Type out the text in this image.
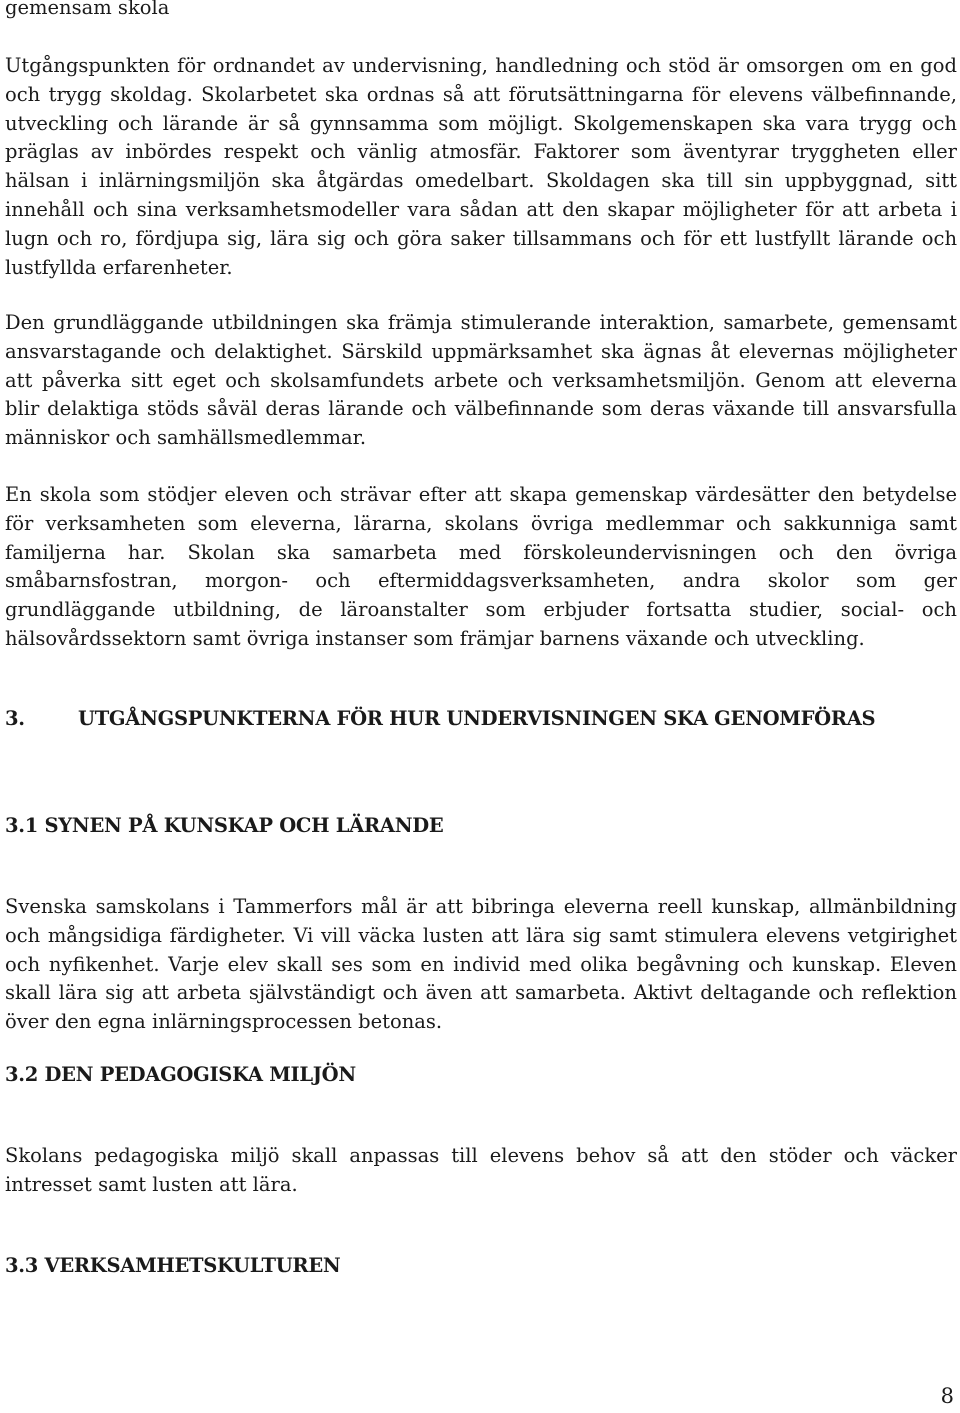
gemensam skola

Utgångspunkten för ordnandet av undervisning, handledning och stöd är omsorgen om en god och trygg skoldag. Skolarbetet ska ordnas så att förutsättningarna för elevens välbefinnande, utveckling och lärande är så gynnsamma som möjligt. Skolgemenskapen ska vara trygg och präglas av inbördes respekt och vänlig atmosfär. Faktorer som äventyrar tryggheten eller hälsan i inlärningsmiljön ska åtgärdas omedelbart. Skoldagen ska till sin uppbyggnad, sitt innehåll och sina verksamhetsmodeller vara sådan att den skapar möjligheter för att arbeta i lugn och ro, fördjupa sig, lära sig och göra saker tillsammans och för ett lustfyllt lärande och lustfyllda erfarenheter.

Den grundläggande utbildningen ska främja stimulerande interaktion, samarbete, gemensamt ansvarstagande och delaktighet. Särskild uppmärksamhet ska ägnas åt elevernas möjligheter att påverka sitt eget och skolsamfundets arbete och verksamhetsmiljön. Genom att eleverna blir delaktiga stöds såväl deras lärande och välbefinnande som deras växande till ansvarsfulla människor och samhällsmedlemmar.

En skola som stödjer eleven och strävar efter att skapa gemenskap värdesätter den betydelse för verksamheten som eleverna, lärarna, skolans övriga medlemmar och sakkunniga samt familjerna har. Skolan ska samarbeta med förskoleundervisningen och den övriga småbarnsfostran, morgon- och eftermiddagsverksamheten, andra skolor som ger grundläggande utbildning, de läroanstalter som erbjuder fortsatta studier, social- och hälsovårdssektorn samt övriga instanser som främjar barnens växande och utveckling.

3.	UTGÅNGSPUNKTERNA FÖR HUR UNDERVISNINGEN SKA GENOMFÖRAS
3.1 SYNEN PÅ KUNSKAP OCH LÄRANDE

Svenska samskolans i Tammerfors mål är att bibringa eleverna reell kunskap, allmänbildning och mångsidiga färdigheter. Vi vill väcka lusten att lära sig samt stimulera elevens vetgirighet och nyfikenhet. Varje elev skall ses som en individ med olika begåvning och kunskap. Eleven skall lära sig att arbeta självständigt och även att samarbeta. Aktivt deltagande och reflektion över den egna inlärningsprocessen betonas.

3.2 DEN PEDAGOGISKA MILJÖN

Skolans pedagogiska miljö skall anpassas till elevens behov så att den stöder och väcker intresset samt lusten att lära.

3.3 VERKSAMHETSKULTUREN

8
